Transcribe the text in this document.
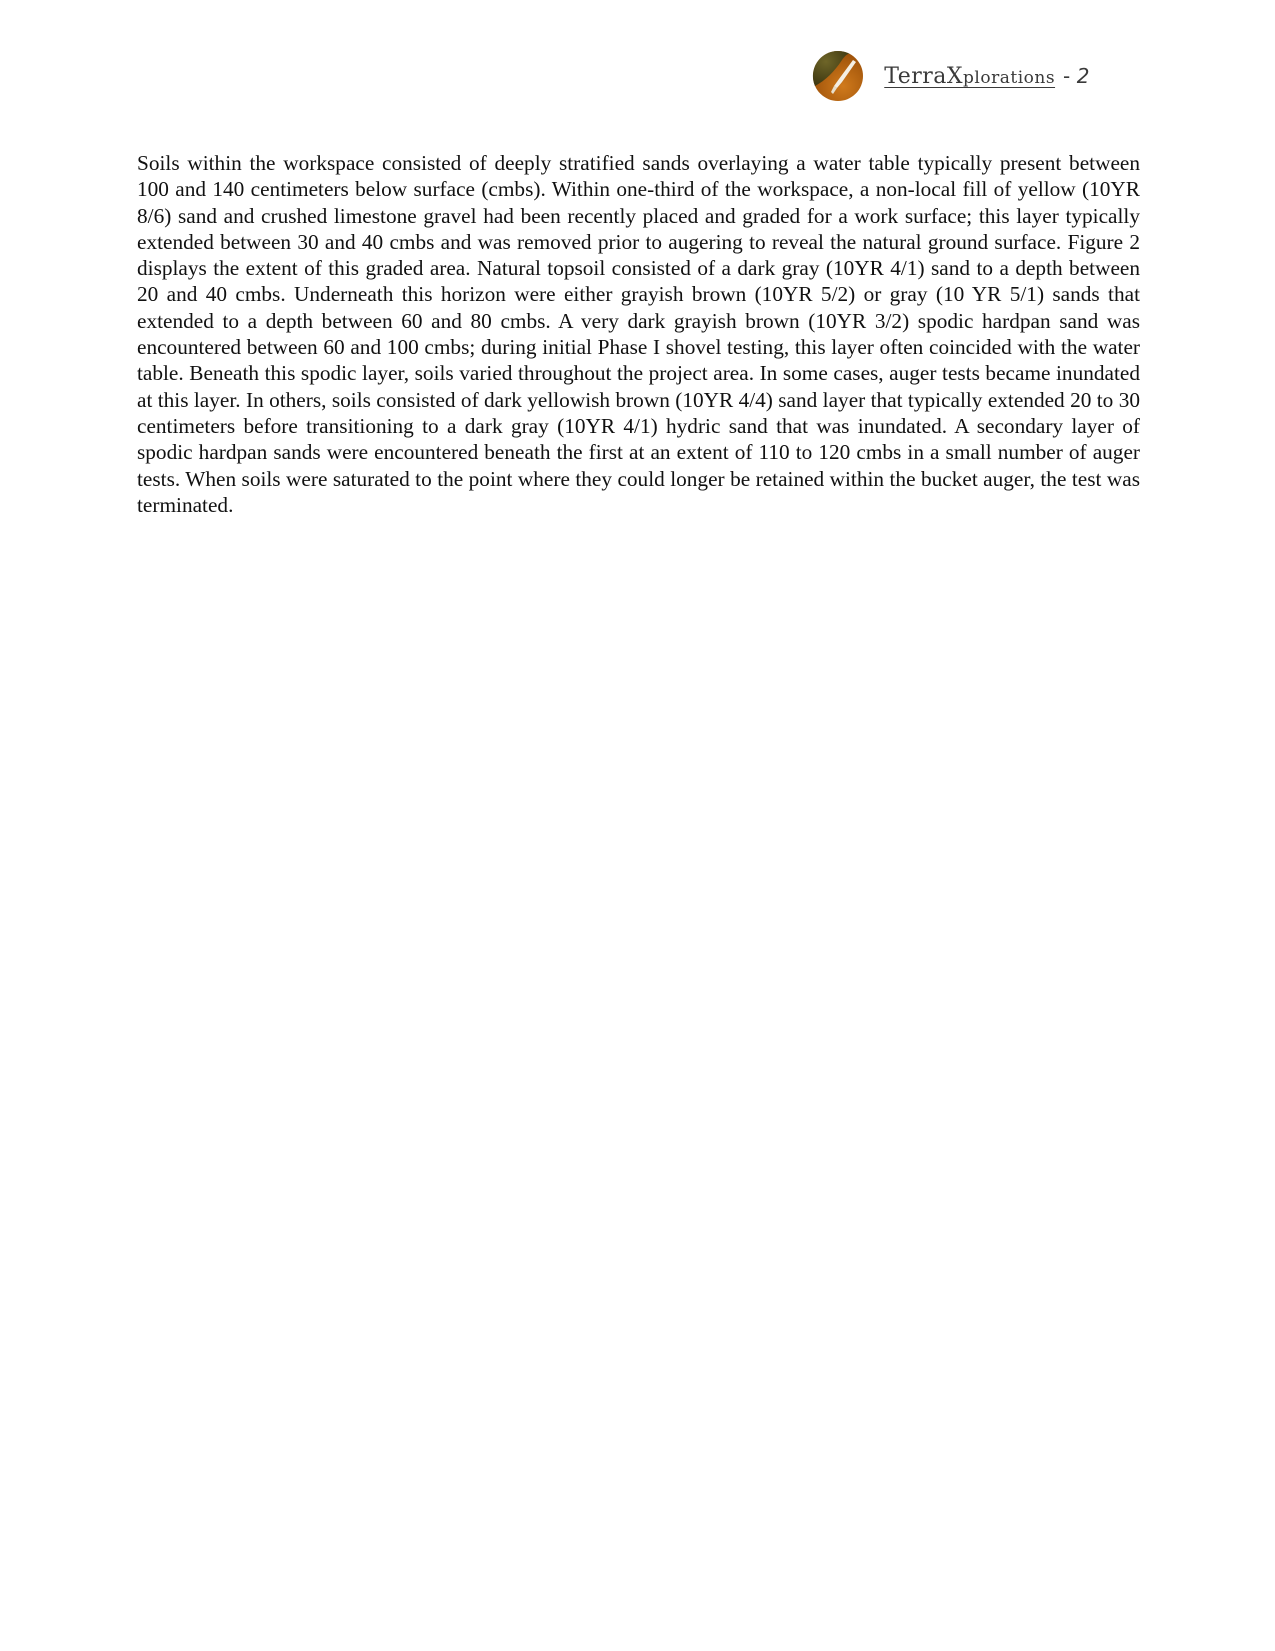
TerraXplorations - 2

Soils within the workspace consisted of deeply stratified sands overlaying a water table typically present between 100 and 140 centimeters below surface (cmbs). Within one-third of the workspace, a non-local fill of yellow (10YR 8/6) sand and crushed limestone gravel had been recently placed and graded for a work surface; this layer typically extended between 30 and 40 cmbs and was removed prior to augering to reveal the natural ground surface. Figure 2 displays the extent of this graded area. Natural topsoil consisted of a dark gray (10YR 4/1) sand to a depth between 20 and 40 cmbs. Underneath this horizon were either grayish brown (10YR 5/2) or gray (10 YR 5/1) sands that extended to a depth between 60 and 80 cmbs. A very dark grayish brown (10YR 3/2) spodic hardpan sand was encountered between 60 and 100 cmbs; during initial Phase I shovel testing, this layer often coincided with the water table. Beneath this spodic layer, soils varied throughout the project area. In some cases, auger tests became inundated at this layer. In others, soils consisted of dark yellowish brown (10YR 4/4) sand layer that typically extended 20 to 30 centimeters before transitioning to a dark gray (10YR 4/1) hydric sand that was inundated. A secondary layer of spodic hardpan sands were encountered beneath the first at an extent of 110 to 120 cmbs in a small number of auger tests. When soils were saturated to the point where they could longer be retained within the bucket auger, the test was terminated.
